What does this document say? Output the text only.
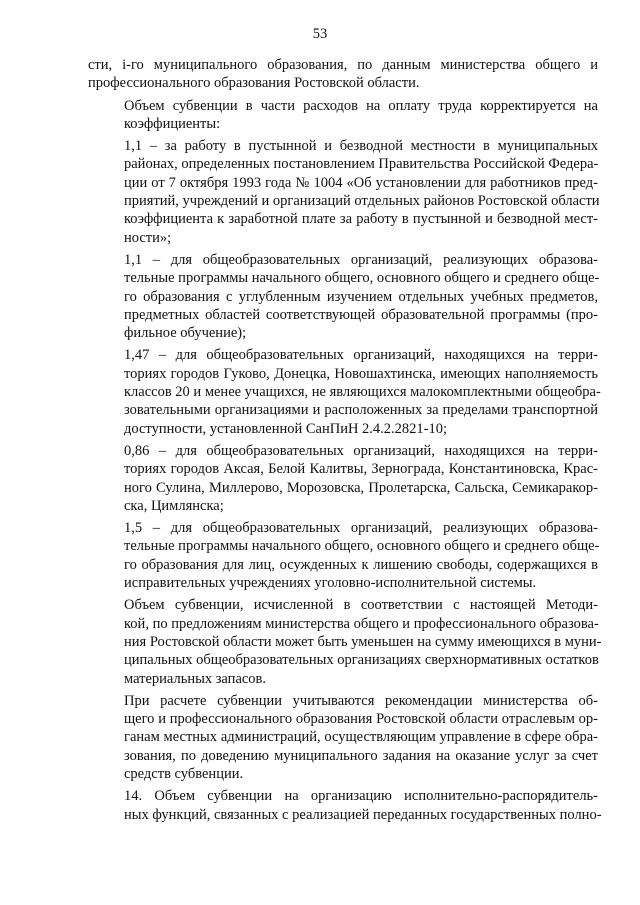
53

сти, i-го муниципального образования, по данным министерства общего и
профессионального образования Ростовской области.

Объем субвенции в части расходов на оплату труда корректируется на
коэффициенты:

1,1 – за работу в пустынной и безводной местности в муниципальных
районах, определенных постановлением Правительства Российской Федера-
ции от 7 октября 1993 года № 1004 «Об установлении для работников пред-
приятий, учреждений и организаций отдельных районов Ростовской области
коэффициента к заработной плате за работу в пустынной и безводной мест-
ности»;

1,1 – для общеобразовательных организаций, реализующих образова-
тельные программы начального общего, основного общего и среднего обще-
го образования с углубленным изучением отдельных учебных предметов,
предметных областей соответствующей образовательной программы (про-
фильное обучение);

1,47 – для общеобразовательных организаций, находящихся на терри-
ториях городов Гуково, Донецка, Новошахтинска, имеющих наполняемость
классов 20 и менее учащихся, не являющихся малокомплектными общеобра-
зовательными организациями и расположенных за пределами транспортной
доступности, установленной СанПиН 2.4.2.2821-10;

0,86 – для общеобразовательных организаций, находящихся на терри-
ториях городов Аксая, Белой Калитвы, Зернограда, Константиновска, Крас-
ного Сулина, Миллерово, Морозовска, Пролетарска, Сальска, Семикаракор-
ска, Цимлянска;

1,5 – для общеобразовательных организаций, реализующих образова-
тельные программы начального общего, основного общего и среднего обще-
го образования для лиц, осужденных к лишению свободы, содержащихся в
исправительных учреждениях уголовно-исполнительной системы.

Объем субвенции, исчисленной в соответствии с настоящей Методи-
кой, по предложениям министерства общего и профессионального образова-
ния Ростовской области может быть уменьшен на сумму имеющихся в муни-
ципальных общеобразовательных организациях сверхнормативных остатков
материальных запасов.

При расчете субвенции учитываются рекомендации министерства об-
щего и профессионального образования Ростовской области отраслевым ор-
ганам местных администраций, осуществляющим управление в сфере обра-
зования, по доведению муниципального задания на оказание услуг за счет
средств субвенции.

14. Объем субвенции на организацию исполнительно-распорядитель-
ных функций, связанных с реализацией переданных государственных полно-
